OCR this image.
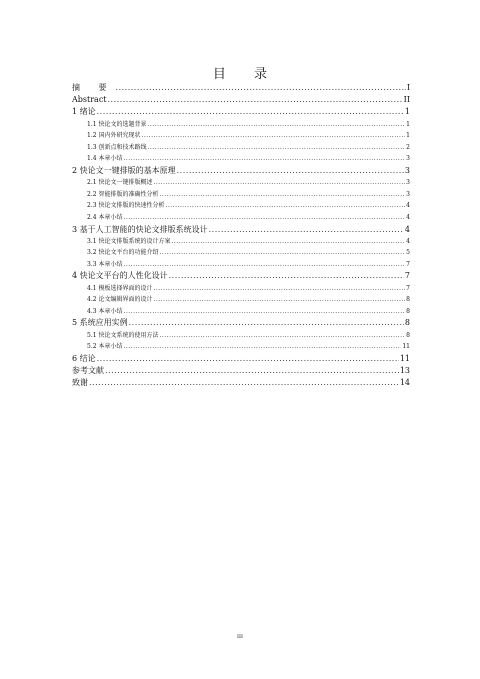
目 录
摘 要 .....	I
Abstract .....	II
1 绪论 .....	1
1.1 快论文的选题背景 .....	1
1.2 国内外研究现状 .....	1
1.3 创新点和技术路线 .....	2
1.4 本章小结 .....	3
2 快论文一键排版的基本原理 .....	3
2.1 快论文一键排版概述 .....	3
2.2 智能排版的准确性分析 .....	3
2.3 快论文排版的快速性分析 .....	4
2.4 本章小结 .....	4
3 基于人工智能的快论文排版系统设计 .....	4
3.1 快论文排版系统的设计方案 .....	4
3.2 快论文平台的功能介绍 .....	5
3.3 本章小结 .....	7
4 快论文平台的人性化设计 .....	7
4.1 模板选择界面的设计 .....	7
4.2 论文编辑界面的设计 .....	8
4.3 本章小结 .....	8
5 系统应用实例 .....	8
5.1 快论文系统的使用方法 .....	8
5.2 本章小结 .....	11
6 结论 .....	11
参考文献 .....	13
致谢 .....	14
III
